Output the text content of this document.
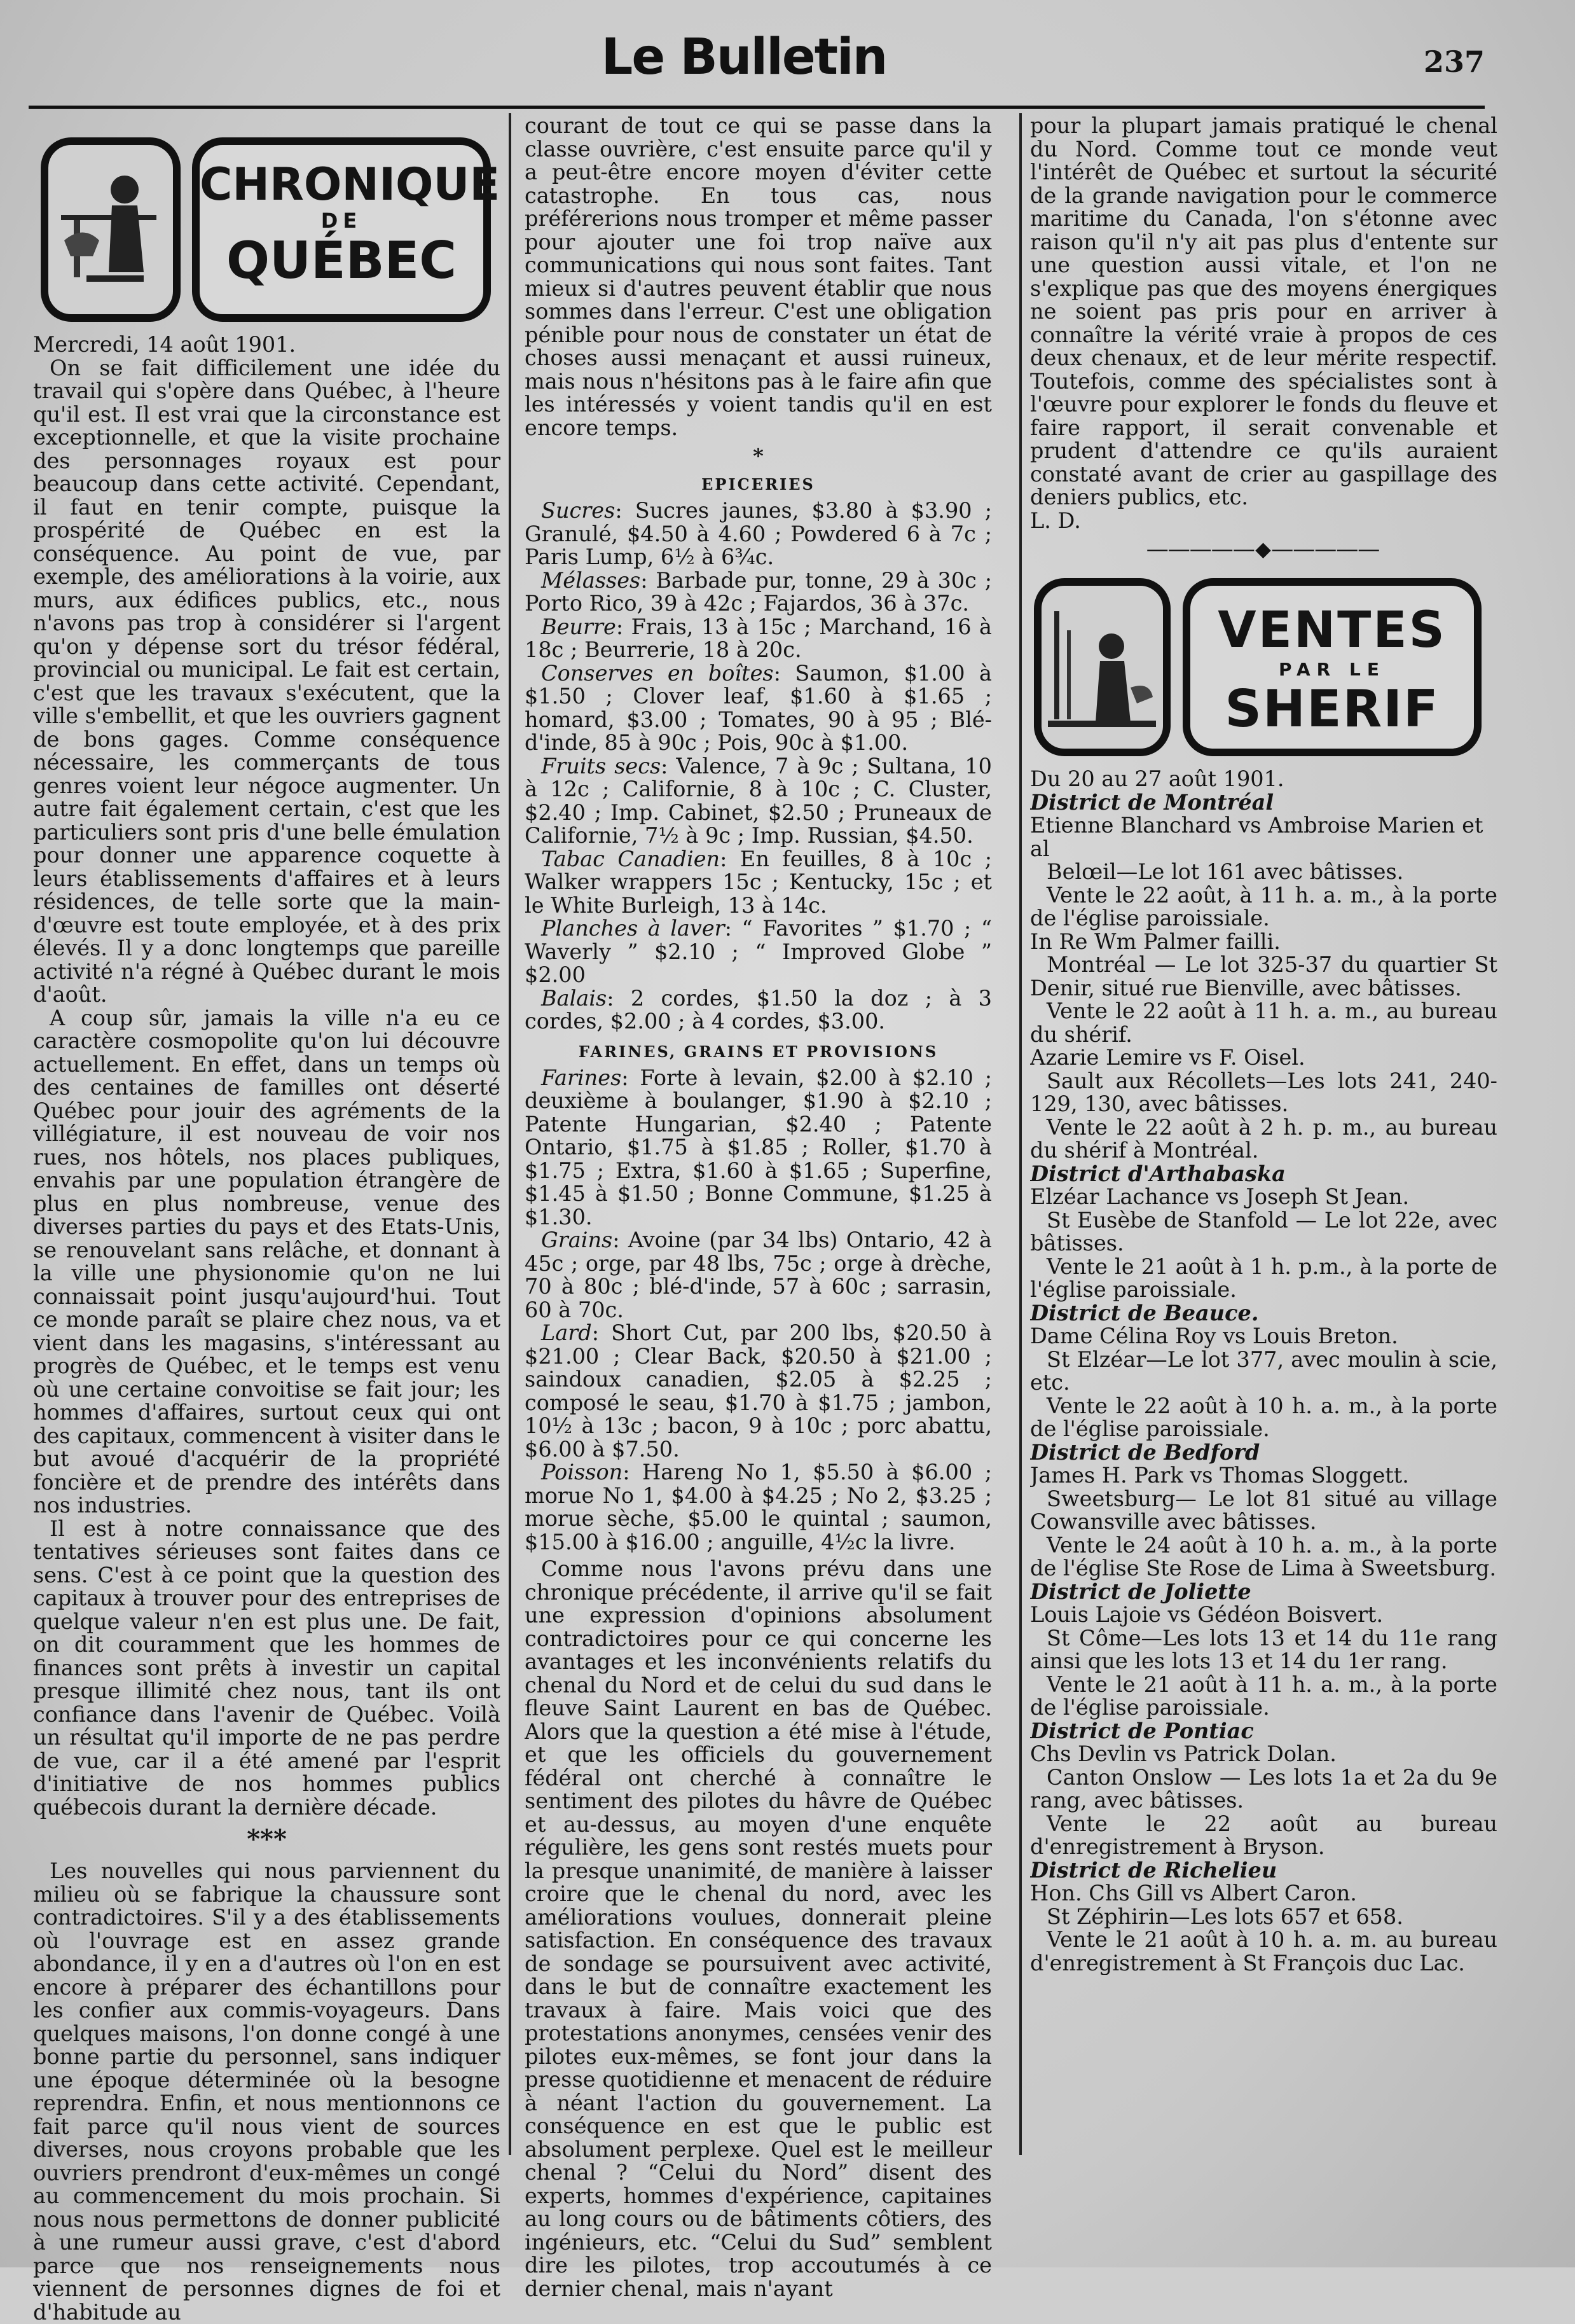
Le Bulletin	237
CHRONIQUE
DE
QUÉBEC

Mercredi, 14 août 1901.

On se fait difficilement une idée du travail qui s'opère dans Québec, à l'heure qu'il est. Il est vrai que la circonstance est exceptionnelle, et que la visite prochaine des personnages royaux est pour beaucoup dans cette activité. Cependant, il faut en tenir compte, puisque la prospérité de Québec en est la conséquence. Au point de vue, par exemple, des améliorations à la voirie, aux murs, aux édifices publics, etc., nous n'avons pas trop à considérer si l'argent qu'on y dépense sort du trésor fédéral, provincial ou municipal. Le fait est certain, c'est que les travaux s'exécutent, que la ville s'embellit, et que les ouvriers gagnent de bons gages. Comme conséquence nécessaire, les commerçants de tous genres voient leur négoce augmenter. Un autre fait également certain, c'est que les particuliers sont pris d'une belle émulation pour donner une apparence coquette à leurs établissements d'affaires et à leurs résidences, de telle sorte que la main-d'œuvre est toute employée, et à des prix élevés. Il y a donc longtemps que pareille activité n'a régné à Québec durant le mois d'août.

A coup sûr, jamais la ville n'a eu ce caractère cosmopolite qu'on lui découvre actuellement. En effet, dans un temps où des centaines de familles ont déserté Québec pour jouir des agréments de la villégiature, il est nouveau de voir nos rues, nos hôtels, nos places publiques, envahis par une population étrangère de plus en plus nombreuse, venue des diverses parties du pays et des Etats-Unis, se renouvelant sans relâche, et donnant à la ville une physionomie qu'on ne lui connaissait point jusqu'aujourd'hui. Tout ce monde paraît se plaire chez nous, va et vient dans les magasins, s'intéressant au progrès de Québec, et le temps est venu où une certaine convoitise se fait jour; les hommes d'affaires, surtout ceux qui ont des capitaux, commencent à visiter dans le but avoué d'acquérir de la propriété foncière et de prendre des intérêts dans nos industries.

Il est à notre connaissance que des tentatives sérieuses sont faites dans ce sens. C'est à ce point que la question des capitaux à trouver pour des entreprises de quelque valeur n'en est plus une. De fait, on dit couramment que les hommes de finances sont prêts à investir un capital presque illimité chez nous, tant ils ont confiance dans l'avenir de Québec. Voilà un résultat qu'il importe de ne pas perdre de vue, car il a été amené par l'esprit d'initiative de nos hommes publics québecois durant la dernière décade.

***

Les nouvelles qui nous parviennent du milieu où se fabrique la chaussure sont contradictoires. S'il y a des établissements où l'ouvrage est en assez grande abondance, il y en a d'autres où l'on en est encore à préparer des échantillons pour les confier aux commis-voyageurs. Dans quelques maisons, l'on donne congé à une bonne partie du personnel, sans indiquer une époque déterminée où la besogne reprendra. Enfin, et nous mentionnons ce fait parce qu'il nous vient de sources diverses, nous croyons probable que les ouvriers prendront d'eux-mêmes un congé au commencement du mois prochain. Si nous nous permettons de donner publicité à une rumeur aussi grave, c'est d'abord parce que nos renseignements nous viennent de personnes dignes de foi et d'habitude au

courant de tout ce qui se passe dans la classe ouvrière, c'est ensuite parce qu'il y a peut-être encore moyen d'éviter cette catastrophe. En tous cas, nous préférerions nous tromper et même passer pour ajouter une foi trop naïve aux communications qui nous sont faites. Tant mieux si d'autres peuvent établir que nous sommes dans l'erreur. C'est une obligation pénible pour nous de constater un état de choses aussi menaçant et aussi ruineux, mais nous n'hésitons pas à le faire afin que les intéressés y voient tandis qu'il en est encore temps.

*
EPICERIES

Sucres: Sucres jaunes, $3.80 à $3.90 ; Granulé, $4.50 à 4.60 ; Powdered 6 à 7c ; Paris Lump, 6½ à 6¾c.

Mélasses: Barbade pur, tonne, 29 à 30c ; Porto Rico, 39 à 42c ; Fajardos, 36 à 37c.

Beurre: Frais, 13 à 15c ; Marchand, 16 à 18c ; Beurrerie, 18 à 20c.

Conserves en boîtes: Saumon, $1.00 à $1.50 ; Clover leaf, $1.60 à $1.65 ; homard, $3.00 ; Tomates, 90 à 95 ; Blé-d'inde, 85 à 90c ; Pois, 90c à $1.00.

Fruits secs: Valence, 7 à 9c ; Sultana, 10 à 12c ; Californie, 8 à 10c ; C. Cluster, $2.40 ; Imp. Cabinet, $2.50 ; Pruneaux de Californie, 7½ à 9c ; Imp. Russian, $4.50.

Tabac Canadien: En feuilles, 8 à 10c ; Walker wrappers 15c ; Kentucky, 15c ; et le White Burleigh, 13 à 14c.

Planches à laver: “ Favorites ” $1.70 ; “ Waverly ” $2.10 ; “ Improved Globe ” $2.00

Balais: 2 cordes, $1.50 la doz ; à 3 cordes, $2.00 ; à 4 cordes, $3.00.

FARINES, GRAINS ET PROVISIONS

Farines: Forte à levain, $2.00 à $2.10 ; deuxième à boulanger, $1.90 à $2.10 ; Patente Hungarian, $2.40 ; Patente Ontario, $1.75 à $1.85 ; Roller, $1.70 à $1.75 ; Extra, $1.60 à $1.65 ; Superfine, $1.45 à $1.50 ; Bonne Commune, $1.25 à $1.30.

Grains: Avoine (par 34 lbs) Ontario, 42 à 45c ; orge, par 48 lbs, 75c ; orge à drèche, 70 à 80c ; blé-d'inde, 57 à 60c ; sarrasin, 60 à 70c.

Lard: Short Cut, par 200 lbs, $20.50 à $21.00 ; Clear Back, $20.50 à $21.00 ; saindoux canadien, $2.05 à $2.25 ; composé le seau, $1.70 à $1.75 ; jambon, 10½ à 13c ; bacon, 9 à 10c ; porc abattu, $6.00 à $7.50.

Poisson: Hareng No 1, $5.50 à $6.00 ; morue No 1, $4.00 à $4.25 ; No 2, $3.25 ; morue sèche, $5.00 le quintal ; saumon, $15.00 à $16.00 ; anguille, 4½c la livre.

Comme nous l'avons prévu dans une chronique précédente, il arrive qu'il se fait une expression d'opinions absolument contradictoires pour ce qui concerne les avantages et les inconvénients relatifs du chenal du Nord et de celui du sud dans le fleuve Saint Laurent en bas de Québec. Alors que la question a été mise à l'étude, et que les officiels du gouvernement fédéral ont cherché à connaître le sentiment des pilotes du hâvre de Québec et au-dessus, au moyen d'une enquête régulière, les gens sont restés muets pour la presque unanimité, de manière à laisser croire que le chenal du nord, avec les améliorations voulues, donnerait pleine satisfaction. En conséquence des travaux de sondage se poursuivent avec activité, dans le but de connaître exactement les travaux à faire. Mais voici que des protestations anonymes, censées venir des pilotes eux-mêmes, se font jour dans la presse quotidienne et menacent de réduire à néant l'action du gouvernement. La conséquence en est que le public est absolument perplexe. Quel est le meilleur chenal ? “Celui du Nord” disent des experts, hommes d'expérience, capitaines au long cours ou de bâtiments côtiers, des ingénieurs, etc. “Celui du Sud” semblent dire les pilotes, trop accoutumés à ce dernier chenal, mais n'ayant

pour la plupart jamais pratiqué le chenal du Nord. Comme tout ce monde veut l'intérêt de Québec et surtout la sécurité de la grande navigation pour le commerce maritime du Canada, l'on s'étonne avec raison qu'il n'y ait pas plus d'entente sur une question aussi vitale, et l'on ne s'explique pas que des moyens énergiques ne soient pas pris pour en arriver à connaître la vérité vraie à propos de ces deux chenaux, et de leur mérite respectif. Toutefois, comme des spécialistes sont à l'œuvre pour explorer le fonds du fleuve et faire rapport, il serait convenable et prudent d'attendre ce qu'ils auraient constaté avant de crier au gaspillage des deniers publics, etc.

L. D.

―――――◆―――――
VENTES
PAR LE
SHERIF

Du 20 au 27 août 1901.

District de Montréal

Etienne Blanchard vs Ambroise Marien et al

Belœil—Le lot 161 avec bâtisses.

Vente le 22 août, à 11 h. a. m., à la porte de l'église paroissiale.

In Re Wm Palmer failli.

Montréal — Le lot 325-37 du quartier St Denir, situé rue Bienville, avec bâtisses.

Vente le 22 août à 11 h. a. m., au bureau du shérif.

Azarie Lemire vs F. Oisel.

Sault aux Récollets—Les lots 241, 240-129, 130, avec bâtisses.

Vente le 22 août à 2 h. p. m., au bureau du shérif à Montréal.

District d'Arthabaska

Elzéar Lachance vs Joseph St Jean.

St Eusèbe de Stanfold — Le lot 22e, avec bâtisses.

Vente le 21 août à 1 h. p.m., à la porte de l'église paroissiale.

District de Beauce.

Dame Célina Roy vs Louis Breton.

St Elzéar—Le lot 377, avec moulin à scie, etc.

Vente le 22 août à 10 h. a. m., à la porte de l'église paroissiale.

District de Bedford

James H. Park vs Thomas Sloggett.

Sweetsburg— Le lot 81 situé au village Cowansville avec bâtisses.

Vente le 24 août à 10 h. a. m., à la porte de l'église Ste Rose de Lima à Sweetsburg.

District de Joliette

Louis Lajoie vs Gédéon Boisvert.

St Côme—Les lots 13 et 14 du 11e rang ainsi que les lots 13 et 14 du 1er rang.

Vente le 21 août à 11 h. a. m., à la porte de l'église paroissiale.

District de Pontiac

Chs Devlin vs Patrick Dolan.

Canton Onslow — Les lots 1a et 2a du 9e rang, avec bâtisses.

Vente le 22 août au bureau d'enregistrement à Bryson.

District de Richelieu

Hon. Chs Gill vs Albert Caron.

St Zéphirin—Les lots 657 et 658.

Vente le 21 août à 10 h. a. m. au bureau d'enregistrement à St François duc Lac.
